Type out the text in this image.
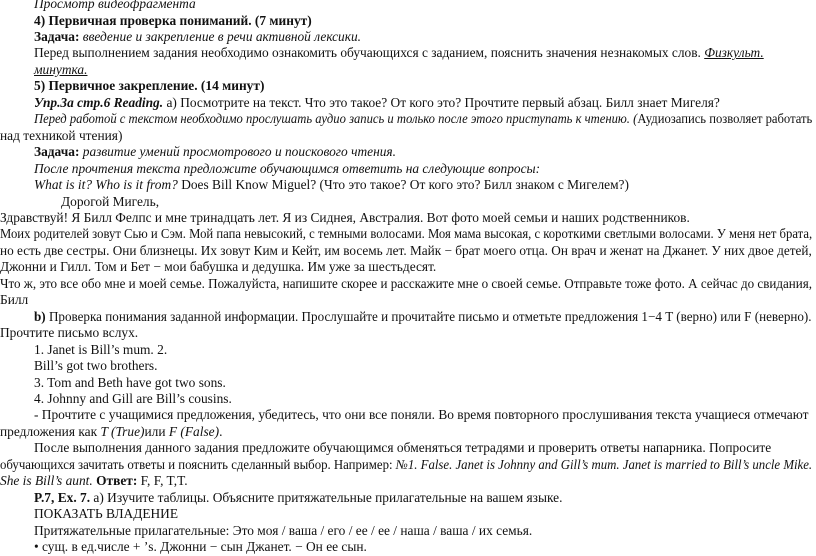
Просмотр видеофрагмента
4) Первичная проверка пониманий. (7 минут)
Задача: введение и закрепление в речи активной лексики.
Перед выполнением задания необходимо ознакомить обучающихся с заданием, пояснить значения незнакомых слов. Физкульт.
минутка.
5) Первичное закрепление. (14 минут)
Упр.3а стр.6 Reading. а) Посмотрите на текст. Что это такое? От кого это? Прочтите первый абзац. Билл знает Мигеля?
Перед работой с текстом необходимо прослушать аудио запись и только после этого приступать к чтению. (Аудиозапись позволяет работать
над техникой чтения)
Задача: развитие умений просмотрового и поискового чтения.
После прочтения текста предложите обучающимся ответить на следующие вопросы:
What is it? Who is it from? Does Bill Know Miguel? (Что это такое? От кого это? Билл знаком с Мигелем?)
Дорогой Мигель,
Здравствуй! Я Билл Фелпс и мне тринадцать лет. Я из Сиднея, Австралия. Вот фото моей семьи и наших родственников.
Моих родителей зовут Сью и Сэм. Мой папа невысокий, с темными волосами. Моя мама высокая, с короткими светлыми волосами. У меня нет брата,
но есть две сестры. Они близнецы. Их зовут Ким и Кейт, им восемь лет. Майк − брат моего отца. Он врач и женат на Джанет. У них двое детей,
Джонни и Гилл. Том и Бет − мои бабушка и дедушка. Им уже за шестьдесят.
Что ж, это все обо мне и моей семье. Пожалуйста, напишите скорее и расскажите мне о своей семье. Отправьте тоже фото. А сейчас до свидания,
Билл
b) Проверка понимания заданной информации. Прослушайте и прочитайте письмо и отметьте предложения 1−4 T (верно) или F (неверно).
Прочтите письмо вслух.
1. Janet is Bill’s mum. 2.
Bill’s got two brothers.
3. Tom and Beth have got two sons.
4. Johnny and Gill are Bill’s cousins.
- Прочтите с учащимися предложения, убедитесь, что они все поняли. Во время повторного прослушивания текста учащиеся отмечают
предложения как T (True)или F (False).
После выполнения данного задания предложите обучающимся обменяться тетрадями и проверить ответы напарника. Попросите
обучающихся зачитать ответы и пояснить сделанный выбор. Например: №1. False. Janet is Johnny and Gill’s mum. Janet is married to Bill’s uncle Mike.
She is Bill’s aunt. Ответ: F, F, T,T.
P.7, Ex. 7. а) Изучите таблицы. Объясните притяжательные прилагательные на вашем языке.
ПОКАЗАТЬ ВЛАДЕНИЕ
Притяжательные прилагательные: Это моя / ваша / его / ее / ее / наша / ваша / их семья.
• сущ. в ед.числе + ’s. Джонни − сын Джанет. − Он ее сын.
